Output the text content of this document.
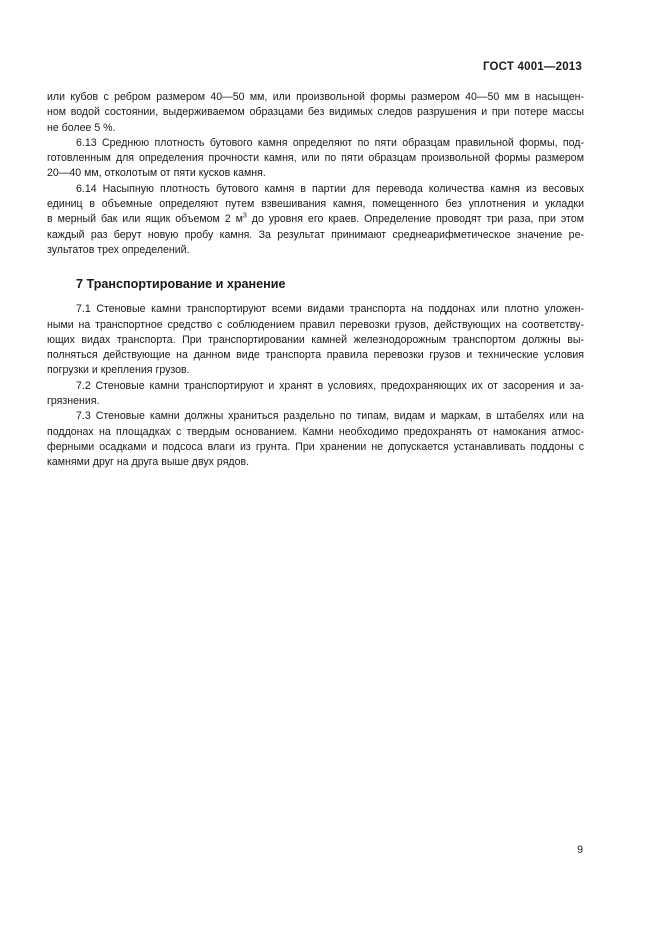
ГОСТ 4001—2013
или кубов с ребром размером 40—50 мм, или произвольной формы размером 40—50 мм в насыщен-
ном водой состоянии, выдерживаемом образцами без видимых следов разрушения и при потере массы
не более 5 %.
6.13 Среднюю плотность бутового камня определяют по пяти образцам правильной формы, под-
готовленным для определения прочности камня, или по пяти образцам произвольной формы размером
20—40 мм, отколотым от пяти кусков камня.
6.14 Насыпную плотность бутового камня в партии для перевода количества камня из весовых
единиц в объемные определяют путем взвешивания камня, помещенного без уплотнения и укладки
в мерный бак или ящик объемом 2 $м^3$ до уровня его краев. Определение проводят три раза, при этом
каждый раз берут новую пробу камня. За результат принимают среднеарифметическое значение ре-
зультатов трех определений.
7 Транспортирование и хранение
7.1 Стеновые камни транспортируют всеми видами транспорта на поддонах или плотно уложен-
ными на транспортное средство с соблюдением правил перевозки грузов, действующих на соответству-
ющих видах транспорта. При транспортировании камней железнодорожным транспортом должны вы-
полняться действующие на данном виде транспорта правила перевозки грузов и технические условия
погрузки и крепления грузов.
7.2 Стеновые камни транспортируют и хранят в условиях, предохраняющих их от засорения и за-
грязнения.
7.3 Стеновые камни должны храниться раздельно по типам, видам и маркам, в штабелях или на
поддонах на площадках с твердым основанием. Камни необходимо предохранять от намокания атмос-
ферными осадками и подсоса влаги из грунта. При хранении не допускается устанавливать поддоны с
камнями друг на друга выше двух рядов.
9
